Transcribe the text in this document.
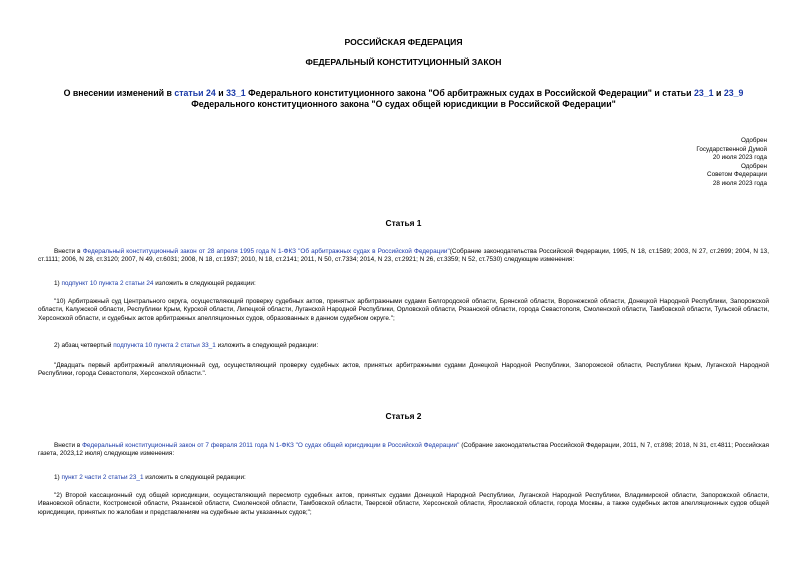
РОССИЙСКАЯ ФЕДЕРАЦИЯ
ФЕДЕРАЛЬНЫЙ КОНСТИТУЦИОННЫЙ ЗАКОН
О внесении изменений в статьи 24 и 33_1 Федерального конституционного закона "Об арбитражных судах в Российской Федерации" и статьи 23_1 и 23_9
Федерального конституционного закона "О судах общей юрисдикции в Российской Федерации"
Одобрен
Государственной Думой
20 июля 2023 года
Одобрен
Советом Федерации
28 июля 2023 года
Статья 1
Внести в Федеральный конституционный закон от 28 апреля 1995 года N 1-ФКЗ "Об арбитражных судах в Российской Федерации"(Собрание законодательства Российской Федерации, 1995, N 18, ст.1589; 2003, N 27, ст.2699; 2004, N 13, ст.1111; 2006, N 28, ст.3120; 2007, N 49, ст.6031; 2008, N 18, ст.1937; 2010, N 18, ст.2141; 2011, N 50, ст.7334; 2014, N 23, ст.2921; N 26, ст.3359; N 52, ст.7530) следующие изменения:
1) подпункт 10 пункта 2 статьи 24 изложить в следующей редакции:
"10) Арбитражный суд Центрального округа, осуществляющий проверку судебных актов, принятых арбитражными судами Белгородской области, Брянской области, Воронежской области, Донецкой Народной Республики, Запорожской области, Калужской области, Республики Крым, Курской области, Липецкой области, Луганской Народной Республики, Орловской области, Рязанской области, города Севастополя, Смоленской области, Тамбовской области, Тульской области, Херсонской области, и судебных актов арбитражных апелляционных судов, образованных в данном судебном округе.";
2) абзац четвертый подпункта 10 пункта 2 статьи 33_1 изложить в следующей редакции:
"Двадцать первый арбитражный апелляционный суд, осуществляющий проверку судебных актов, принятых арбитражными судами Донецкой Народной Республики, Запорожской области, Республики Крым, Луганской Народной Республики, города Севастополя, Херсонской области.".
Статья 2
Внести в Федеральный конституционный закон от 7 февраля 2011 года N 1-ФКЗ "О судах общей юрисдикции в Российской Федерации" (Собрание законодательства Российской Федерации, 2011, N 7, ст.898; 2018, N 31, ст.4811; Российская газета, 2023,12 июля) следующие изменения:
1) пункт 2 части 2 статьи 23_1 изложить в следующей редакции:
"2) Второй кассационный суд общей юрисдикции, осуществляющий пересмотр судебных актов, принятых судами Донецкой Народной Республики, Луганской Народной Республики, Владимирской области, Запорожской области, Ивановской области, Костромской области, Рязанской области, Смоленской области, Тамбовской области, Тверской области, Херсонской области, Ярославской области, города Москвы, а также судебных актов апелляционных судов общей юрисдикции, принятых по жалобам и представлениям на судебные акты указанных судов;";
